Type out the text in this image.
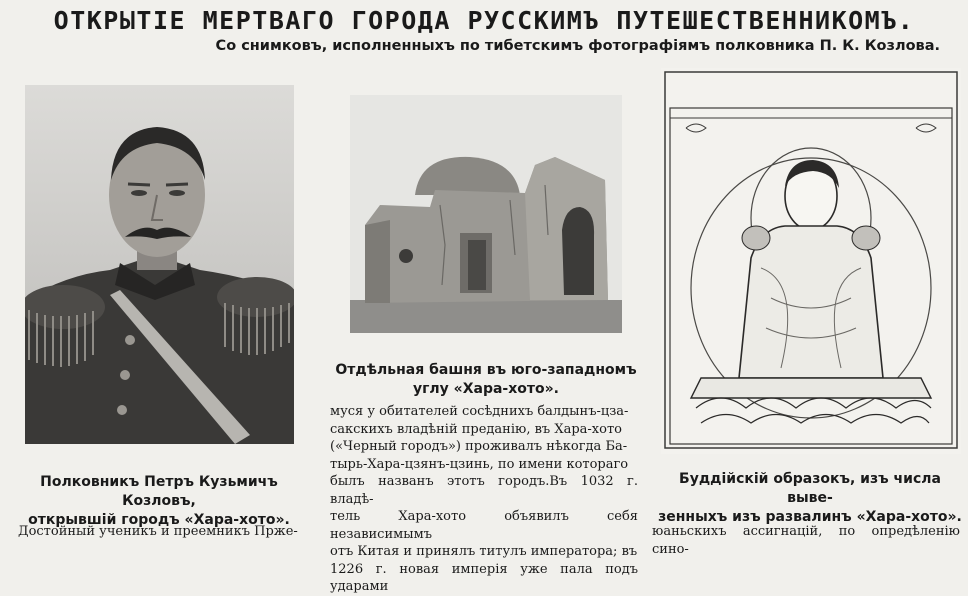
ОТКРЫТІЕ МЕРТВАГО ГОРОДА РУССКИМЪ ПУТЕШЕСТВЕННИКОМЪ.
Со снимковъ, исполненныхъ по тибетскимъ фотографіямъ полковника П. К. Козлова.
Полковникъ Петръ Кузьмичъ Козловъ,
открывшій городъ «Хара-хото».
Отдѣльная башня въ юго-западномъ
углу «Хара-хото».
Буддійскій образокъ, изъ числа выве-
зенныхъ изъ развалинъ «Хара-хото».
Достойный ученикъ и преемникъ Прже-
муся у обитателей сосѣднихъ балдынъ-цза-
сакскихъ владѣній преданію, въ Хара-хото
(«Черный городъ») проживалъ нѣкогда Ба-
тырь-Хара-цзянъ-цзинь, по имени котораго
былъ названъ этотъ городъ.Въ 1032 г. владѣ-
тель Хара-хото объявилъ себя независимымъ
отъ Китая и принялъ титулъ императора; въ
1226 г. новая имперія уже пала подъ ударами
юаньскихъ ассигнацій, по опредѣленію сино-
